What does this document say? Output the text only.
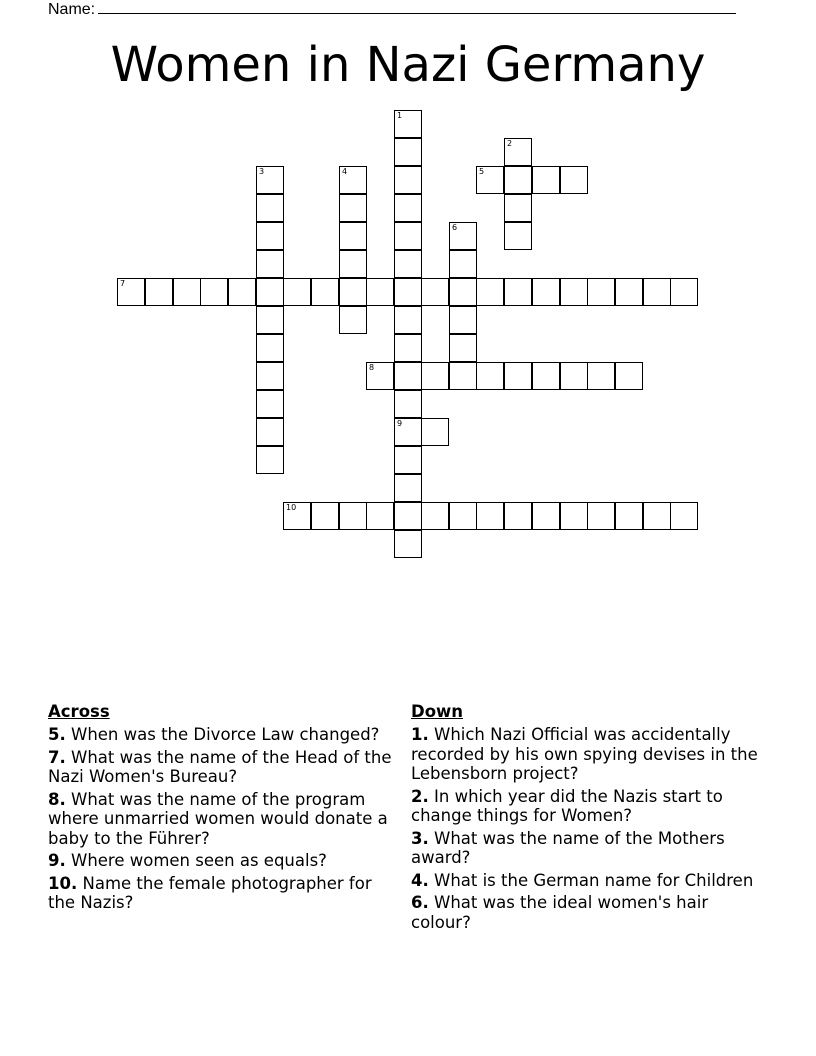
Name:
Women in Nazi Germany
1
9
2
5
3	4
6
7
8
10
Across
5. When was the Divorce Law changed?
7. What was the name of the Head of the Nazi Women's Bureau?
8. What was the name of the program where unmarried women would donate a baby to the Führer?
9. Where women seen as equals?
10. Name the female photographer for the Nazis?
Down
1. Which Nazi Official was accidentally recorded by his own spying devises in the Lebensborn project?
2. In which year did the Nazis start to change things for Women?
3. What was the name of the Mothers award?
4. What is the German name for Children
6. What was the ideal women's hair colour?
